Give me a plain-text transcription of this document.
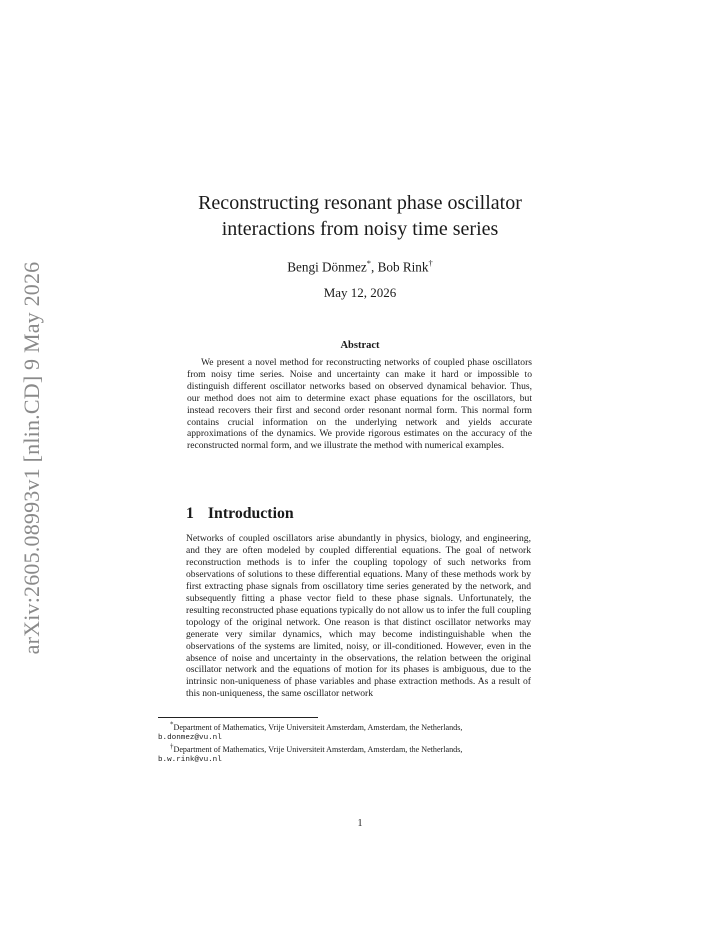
arXiv:2605.08993v1 [nlin.CD] 9 May 2026
Reconstructing resonant phase oscillator
interactions from noisy time series
Bengi Dönmez*, Bob Rink†
May 12, 2026
Abstract

We present a novel method for reconstructing networks of coupled phase oscillators from noisy time series. Noise and uncertainty can make it hard or impossible to distinguish different oscillator networks based on observed dynamical behavior. Thus, our method does not aim to determine exact phase equations for the oscillators, but instead recovers their first and second order resonant normal form. This normal form contains crucial information on the underlying network and yields accurate approximations of the dynamics. We provide rigorous estimates on the accuracy of the reconstructed normal form, and we illustrate the method with numerical examples.

1 Introduction

Networks of coupled oscillators arise abundantly in physics, biology, and engineering, and they are often modeled by coupled differential equations. The goal of network reconstruction methods is to infer the coupling topology of such networks from observations of solutions to these differential equations. Many of these methods work by first extracting phase signals from oscillatory time series generated by the network, and subsequently fitting a phase vector field to these phase signals. Unfortunately, the resulting reconstructed phase equations typically do not allow us to infer the full coupling topology of the original network. One reason is that distinct oscillator networks may generate very similar dynamics, which may become indistinguishable when the observations of the systems are limited, noisy, or ill-conditioned. However, even in the absence of noise and uncertainty in the observations, the relation between the original oscillator network and the equations of motion for its phases is ambiguous, due to the intrinsic non-uniqueness of phase variables and phase extraction methods. As a result of this non-uniqueness, the same oscillator network

*Department of Mathematics, Vrije Universiteit Amsterdam, Amsterdam, the Netherlands,
b.donmez@vu.nl
†Department of Mathematics, Vrije Universiteit Amsterdam, Amsterdam, the Netherlands,
b.w.rink@vu.nl
1
